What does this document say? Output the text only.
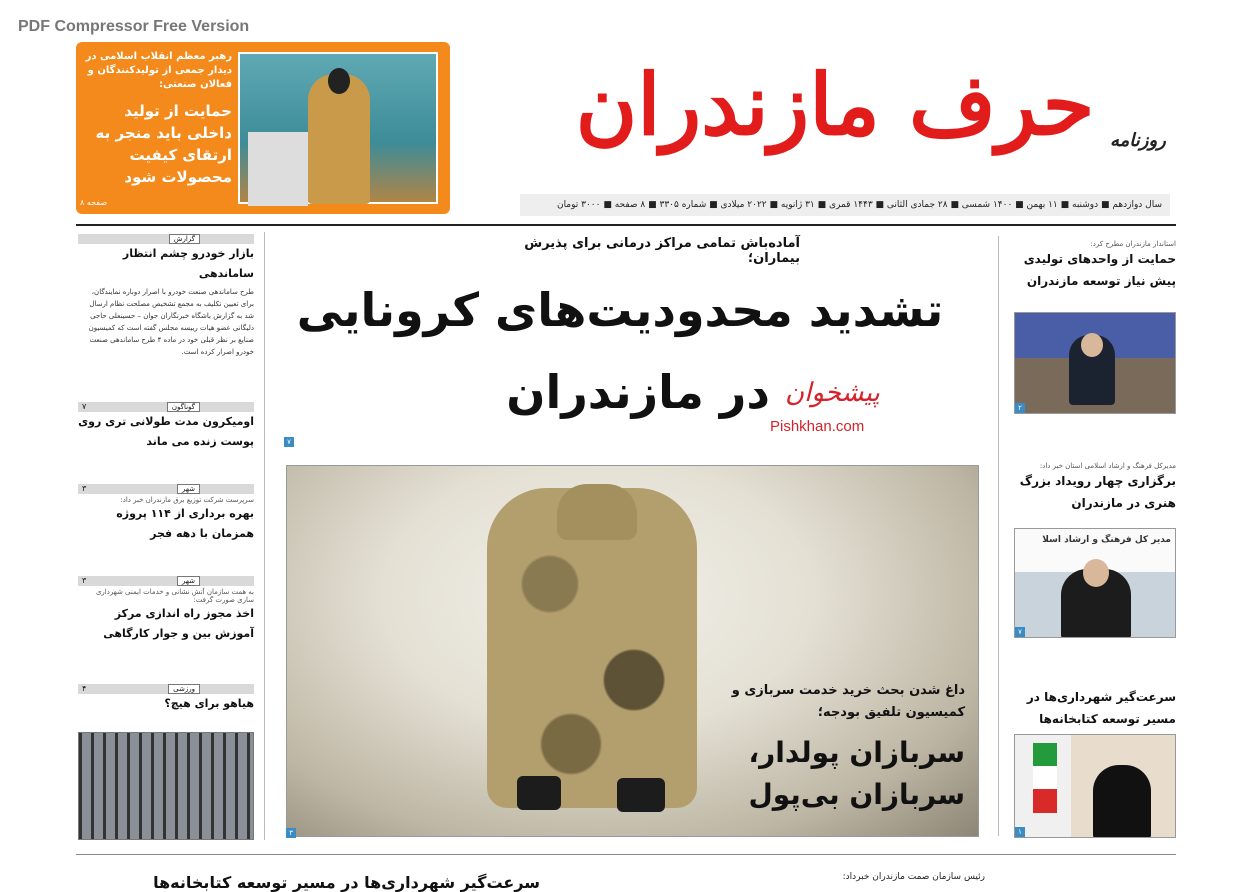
PDF Compressor Free Version
رهبر معظم انقلاب اسلامی در دیدار جمعی از تولیدکنندگان و فعالان صنعتی:
حمایت از تولید داخلی باید منجر به ارتقای کیفیت محصولات شود
صفحه ۸
حرف مازندران روزنامه
سال دوازدهم ■ دوشنبه ■ ۱۱ بهمن ■ ۱۴۰۰ شمسی ■ ۲۸ جمادی الثانی ■ ۱۴۴۳ قمری ■ ۳۱ ژانویه ■ ۲۰۲۲ میلادی ■ شماره ۳۳۰۵ ■ ۸ صفحه ■ ۳۰۰۰ تومان
گزارش
بازار خودرو چشم انتظار ساماندهی
طرح ساماندهی صنعت خودرو با اصرار دوباره نمایندگان، برای تعیین تکلیف به مجمع تشخیص مصلحت نظام ارسال شد به گزارش باشگاه خبرنگاران جوان – حسینعلی حاجی دلیگانی عضو هیات رییسه مجلس گفته است که کمیسیون صنایع بر نظر قبلی خود در ماده ۴ طرح ساماندهی صنعت خودرو اصرار کرده است.
گوناگون
۷
اومیکرون مدت طولانی تری روی پوست زنده می ماند
شهر
۳
سرپرست شرکت توزیع برق مازندران خبر داد:
بهره برداری از ۱۱۴ پروژه همزمان با دهه فجر
شهر
۳
به همت سازمان آتش نشانی و خدمات ایمنی شهرداری ساری صورت گرفت:
اخذ مجوز راه اندازی مرکز آموزش بین و جوار کارگاهی
ورزشی
۴
هیاهو برای هیچ؟
آماده‌باش تمامی مراکز درمانی برای پذیرش بیماران؛
تشدید محدودیت‌های کرونایی
در مازندران پیشخوان
Pishkhan.com
۷
داغ شدن بحث خرید خدمت سربازی و کمیسیون تلفیق بودجه؛
سربازان پولدار، سربازان بی‌پول
۳
استاندار مازندران مطرح کرد:
حمایت از واحدهای تولیدی پیش نیاز توسعه مازندران
۲
مدیرکل فرهنگ و ارشاد اسلامی استان خبر داد:
برگزاری چهار رویداد بزرگ هنری در مازندران
مدیر کل فرهنگ و ارشاد اسلا
۷
سرعت‌گیر شهرداری‌ها در مسیر توسعه کتابخانه‌ها
۱
سرعت‌گیر شهرداری‌ها در مسیر توسعه کتابخانه‌ها	رئیس سازمان صمت مازندران خبرداد:
